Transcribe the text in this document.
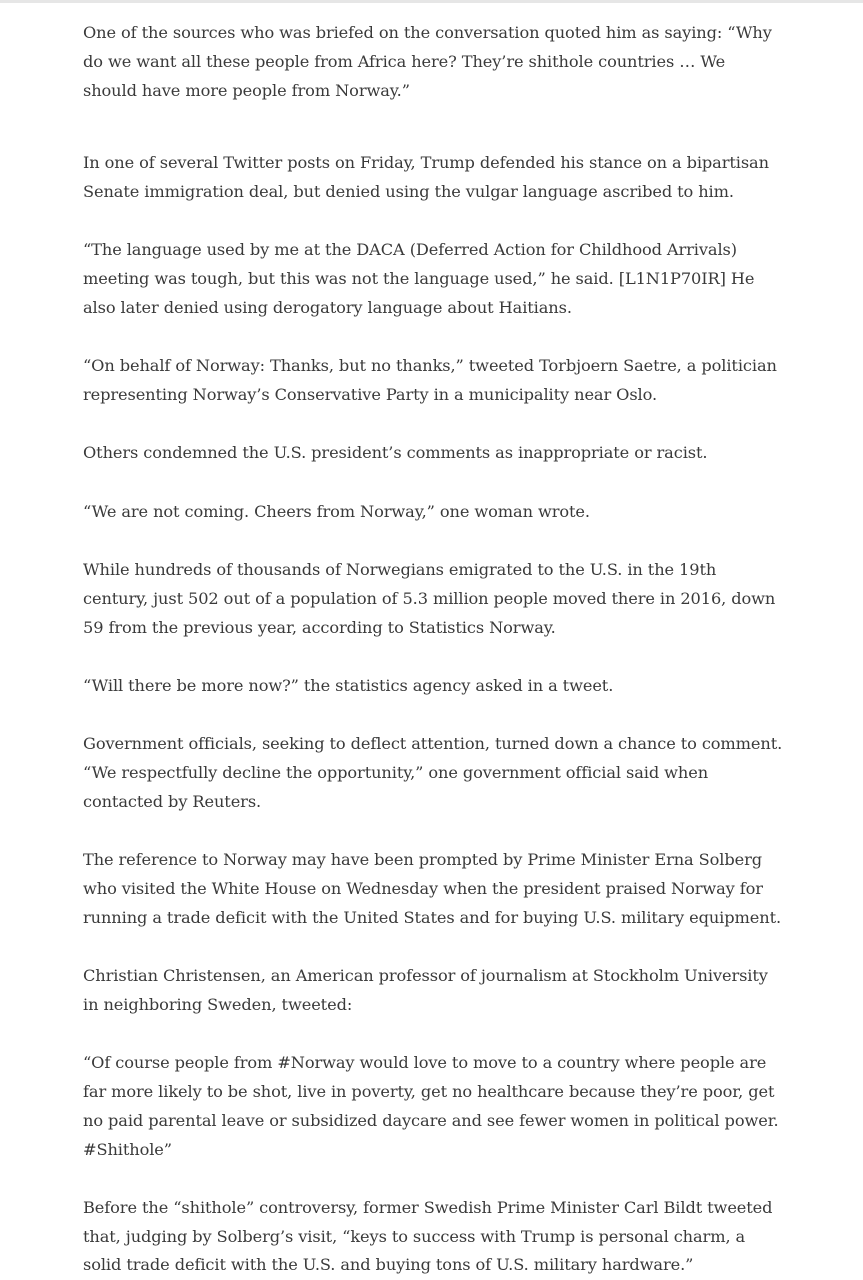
One of the sources who was briefed on the conversation quoted him as saying: “Why do we want all these people from Africa here? They’re shithole countries … We should have more people from Norway.”

In one of several Twitter posts on Friday, Trump defended his stance on a bipartisan Senate immigration deal, but denied using the vulgar language ascribed to him.

“The language used by me at the DACA (Deferred Action for Childhood Arrivals) meeting was tough, but this was not the language used,” he said. [L1N1P70IR] He also later denied using derogatory language about Haitians.

“On behalf of Norway: Thanks, but no thanks,” tweeted Torbjoern Saetre, a politician representing Norway’s Conservative Party in a municipality near Oslo.

Others condemned the U.S. president’s comments as inappropriate or racist.

“We are not coming. Cheers from Norway,” one woman wrote.

While hundreds of thousands of Norwegians emigrated to the U.S. in the 19th century, just 502 out of a population of 5.3 million people moved there in 2016, down 59 from the previous year, according to Statistics Norway.

“Will there be more now?” the statistics agency asked in a tweet.

Government officials, seeking to deflect attention, turned down a chance to comment. “We respectfully decline the opportunity,” one government official said when contacted by Reuters.

The reference to Norway may have been prompted by Prime Minister Erna Solberg who visited the White House on Wednesday when the president praised Norway for running a trade deficit with the United States and for buying U.S. military equipment.

Christian Christensen, an American professor of journalism at Stockholm University in neighboring Sweden, tweeted:

“Of course people from #Norway would love to move to a country where people are far more likely to be shot, live in poverty, get no healthcare because they’re poor, get no paid parental leave or subsidized daycare and see fewer women in political power. #Shithole”

Before the “shithole” controversy, former Swedish Prime Minister Carl Bildt tweeted that, judging by Solberg’s visit, “keys to success with Trump is personal charm, a solid trade deficit with the U.S. and buying tons of U.S. military hardware.”
